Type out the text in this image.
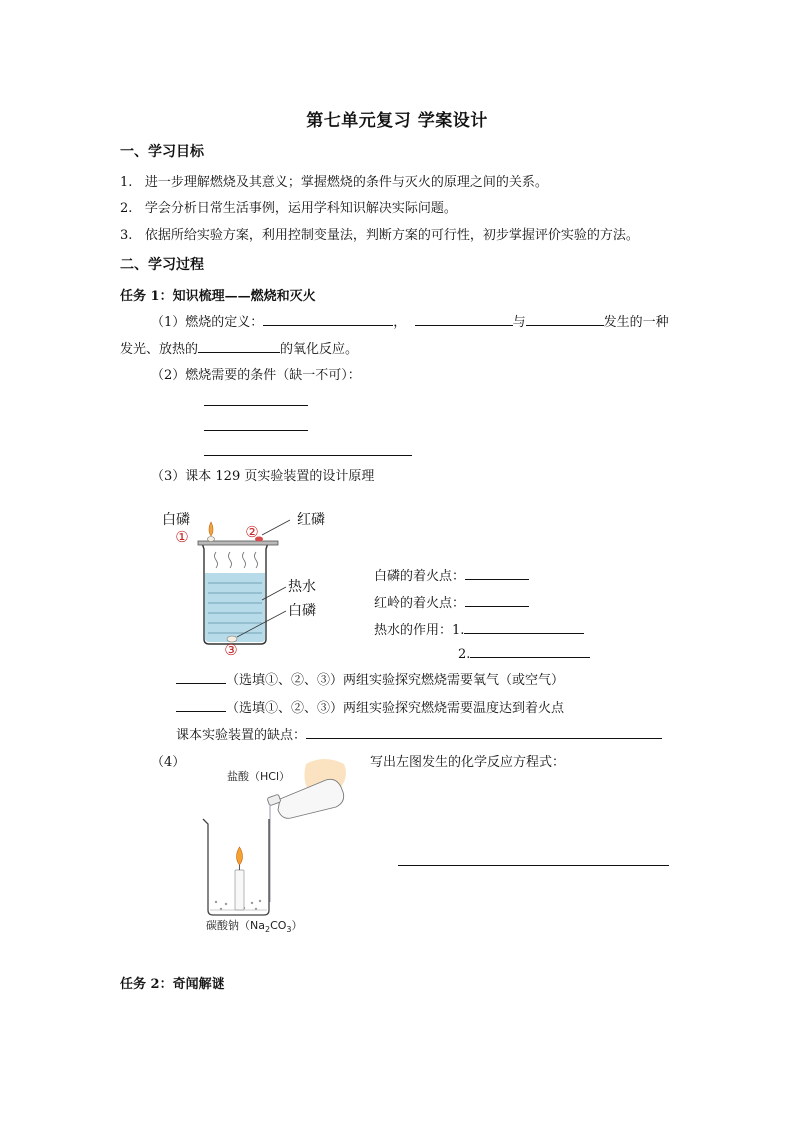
第七单元复习 学案设计
一、学习目标
1. 进一步理解燃烧及其意义；掌握燃烧的条件与灭火的原理之间的关系。
2. 学会分析日常生活事例，运用学科知识解决实际问题。
3. 依据所给实验方案，利用控制变量法，判断方案的可行性，初步掌握评价实验的方法。
二、学习过程
任务 1：知识梳理——燃烧和灭火
（1）燃烧的定义：	，	与	发生的一种
发光、放热的	的氧化反应。
（2）燃烧需要的条件（缺一不可）：
（3）课本 129 页实验装置的设计原理
白磷
①	②
红磷
热水
白磷
③
白磷的着火点：
红岭的着火点：
热水的作用：1.
2.
（选填①、②、③）两组实验探究燃烧需要氧气（或空气）
（选填①、②、③）两组实验探究燃烧需要温度达到着火点
课本实验装置的缺点：
（4）	写出左图发生的化学反应方程式：
盐酸（HCl）
碳酸钠$(Na_2CO_3)$
任务 2：奇闻解谜
